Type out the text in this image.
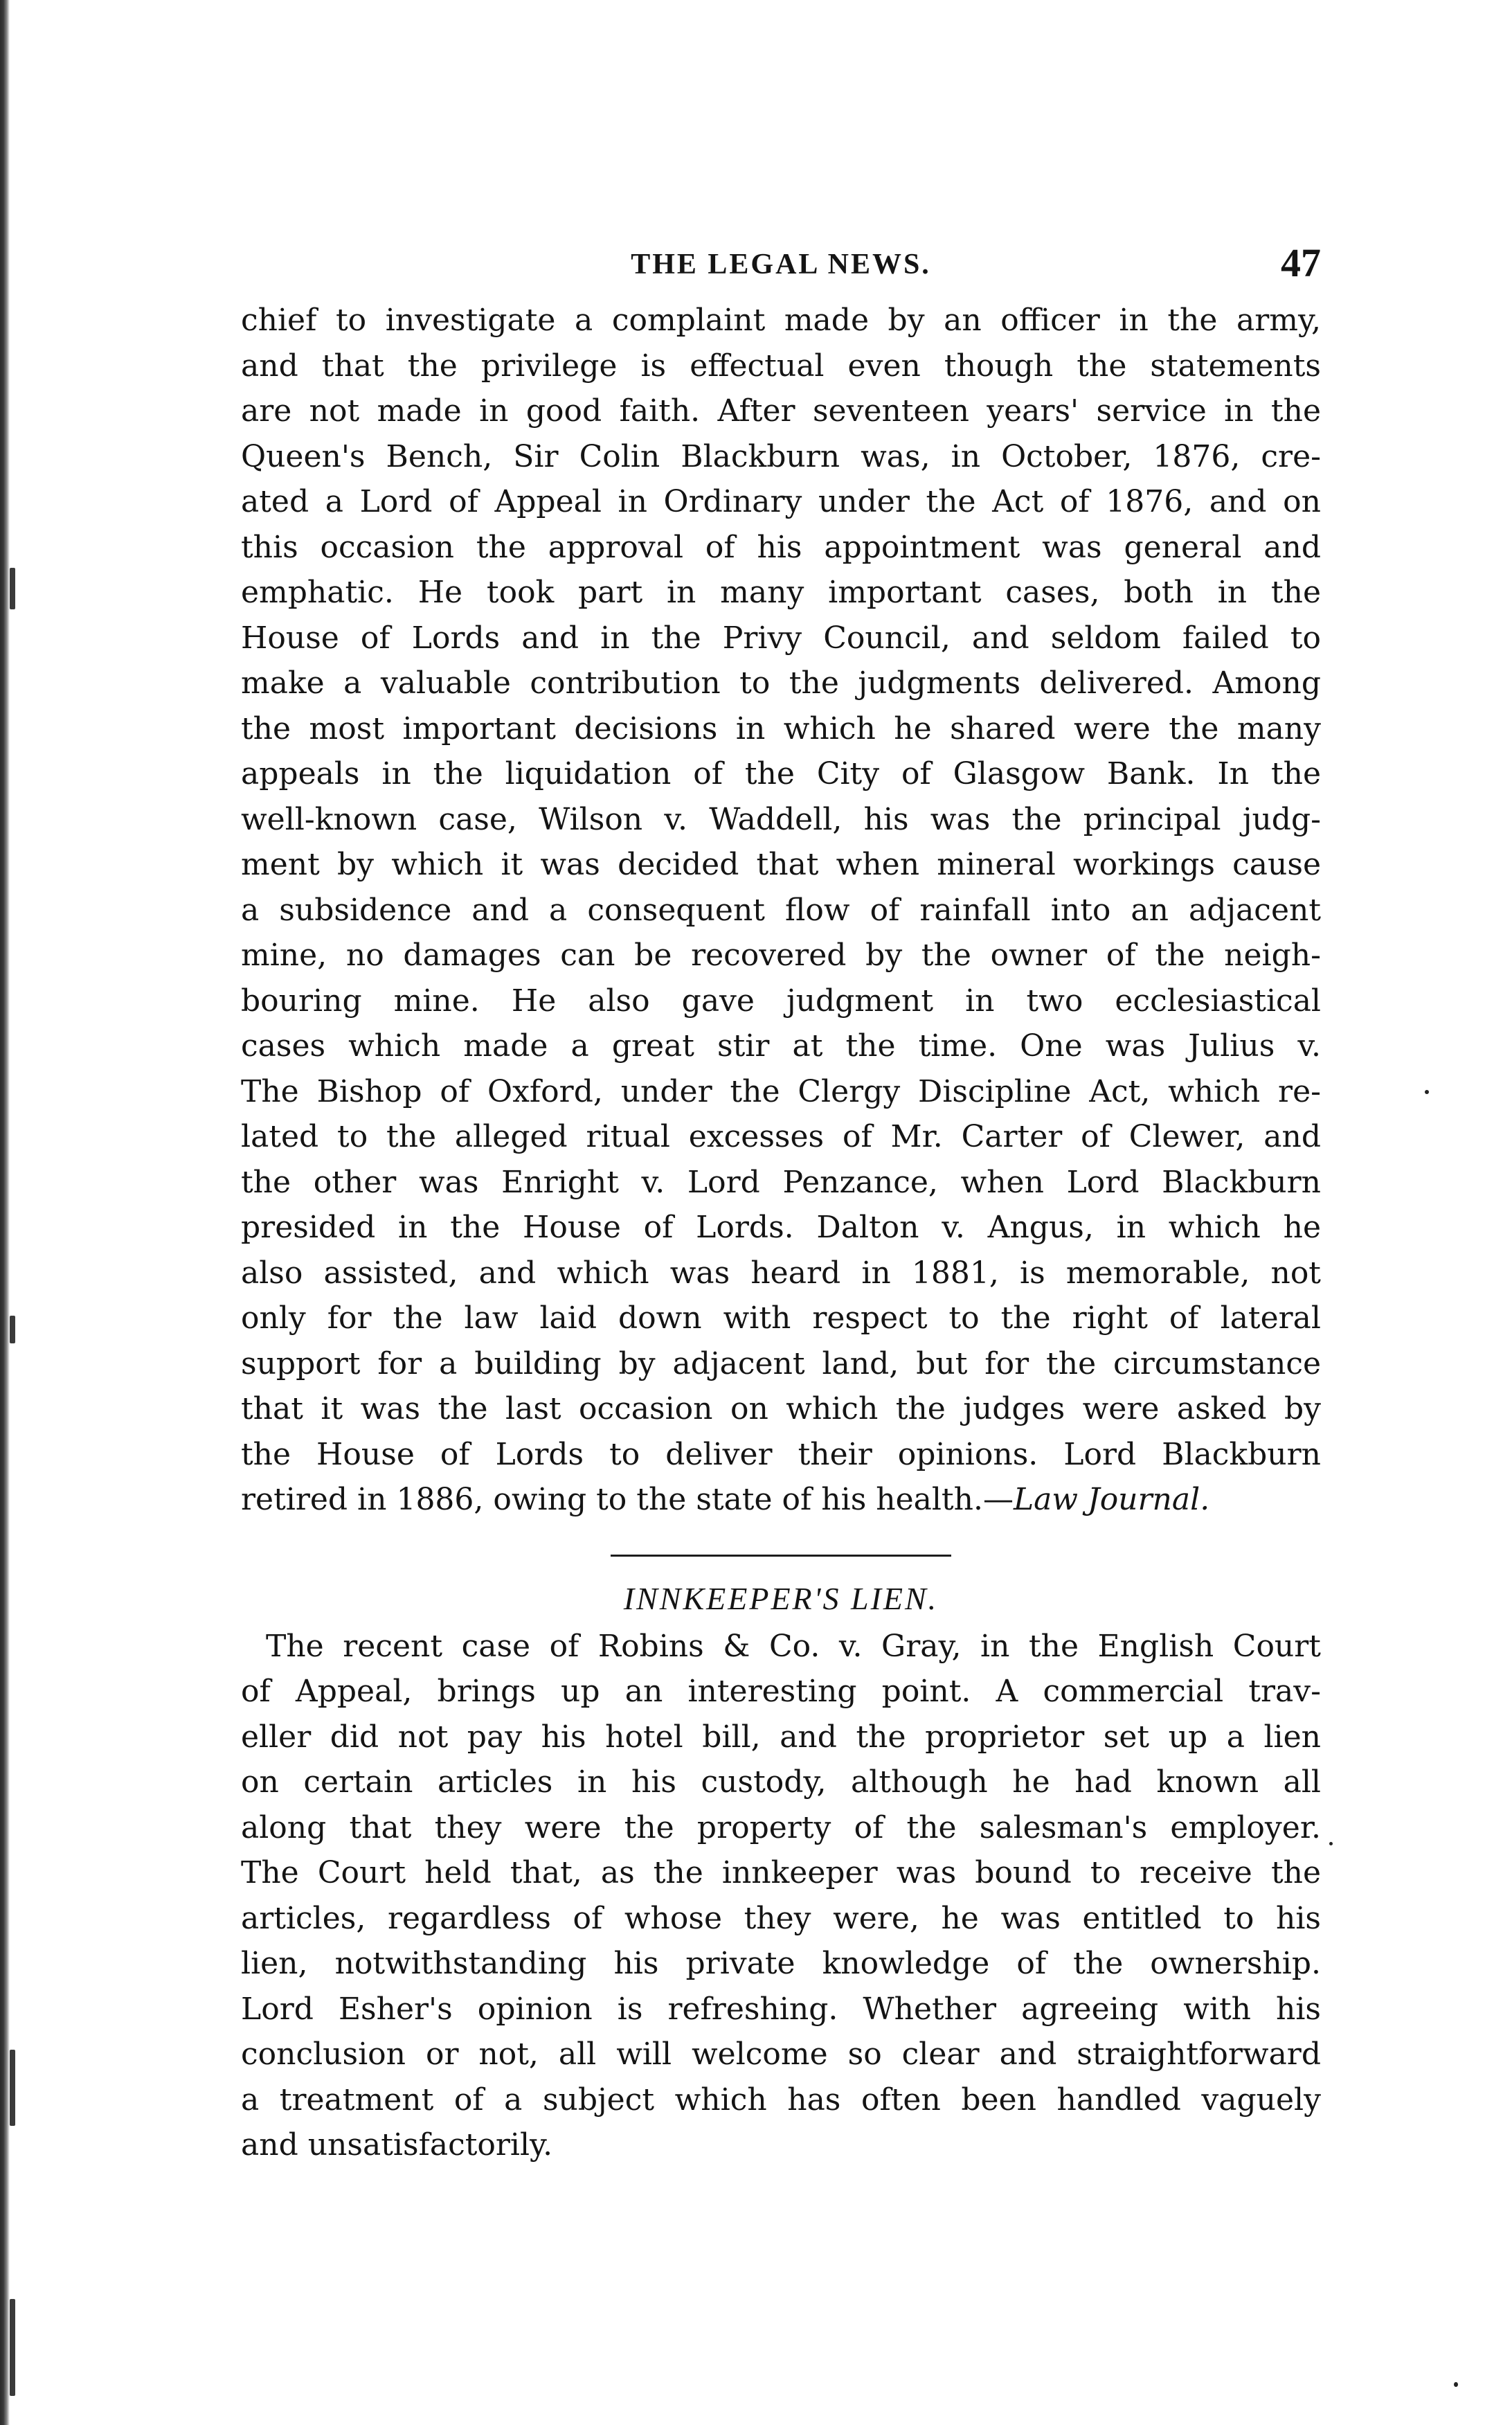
THE LEGAL NEWS.	47
chief to investigate a complaint made by an officer in the army,
and that the privilege is effectual even though the statements
are not made in good faith. After seventeen years' service in the
Queen's Bench, Sir Colin Blackburn was, in October, 1876, cre-
ated a Lord of Appeal in Ordinary under the Act of 1876, and on
this occasion the approval of his appointment was general and
emphatic. He took part in many important cases, both in the
House of Lords and in the Privy Council, and seldom failed to
make a valuable contribution to the judgments delivered. Among
the most important decisions in which he shared were the many
appeals in the liquidation of the City of Glasgow Bank. In the
well-known case, Wilson v. Waddell, his was the principal judg-
ment by which it was decided that when mineral workings cause
a subsidence and a consequent flow of rainfall into an adjacent
mine, no damages can be recovered by the owner of the neigh-
bouring mine. He also gave judgment in two ecclesiastical
cases which made a great stir at the time. One was Julius v.
The Bishop of Oxford, under the Clergy Discipline Act, which re-
lated to the alleged ritual excesses of Mr. Carter of Clewer, and
the other was Enright v. Lord Penzance, when Lord Blackburn
presided in the House of Lords. Dalton v. Angus, in which he
also assisted, and which was heard in 1881, is memorable, not
only for the law laid down with respect to the right of lateral
support for a building by adjacent land, but for the circumstance
that it was the last occasion on which the judges were asked by
the House of Lords to deliver their opinions. Lord Blackburn
retired in 1886, owing to the state of his health.—Law Journal.
INNKEEPER'S LIEN.
The recent case of Robins & Co. v. Gray, in the English Court
of Appeal, brings up an interesting point. A commercial trav-
eller did not pay his hotel bill, and the proprietor set up a lien
on certain articles in his custody, although he had known all
along that they were the property of the salesman's employer.
The Court held that, as the innkeeper was bound to receive the
articles, regardless of whose they were, he was entitled to his
lien, notwithstanding his private knowledge of the ownership.
Lord Esher's opinion is refreshing. Whether agreeing with his
conclusion or not, all will welcome so clear and straightforward
a treatment of a subject which has often been handled vaguely
and unsatisfactorily.
